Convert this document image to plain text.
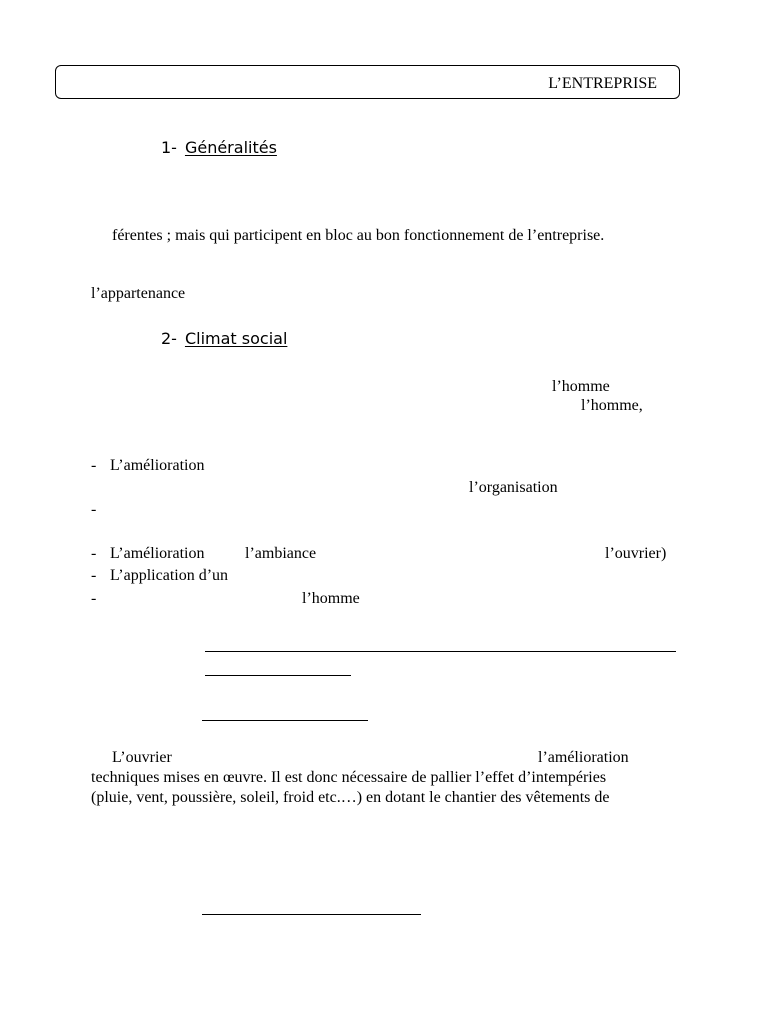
L’ENTREPRISE
1- Généralités
férentes ; mais qui participent en bloc au bon fonctionnement de l’entreprise.
l’appartenance
2- Climat social
l’homme
l’homme,
- L’amélioration
l’organisation
-
- L’amélioration	l’ambiance	l’ouvrier)
- L’application d’un
-	l’homme
L’ouvrier	l’amélioration
techniques mises en œuvre. Il est donc nécessaire de pallier l’effet d’intempéries
(pluie, vent, poussière, soleil, froid etc.…) en dotant le chantier des vêtements de
